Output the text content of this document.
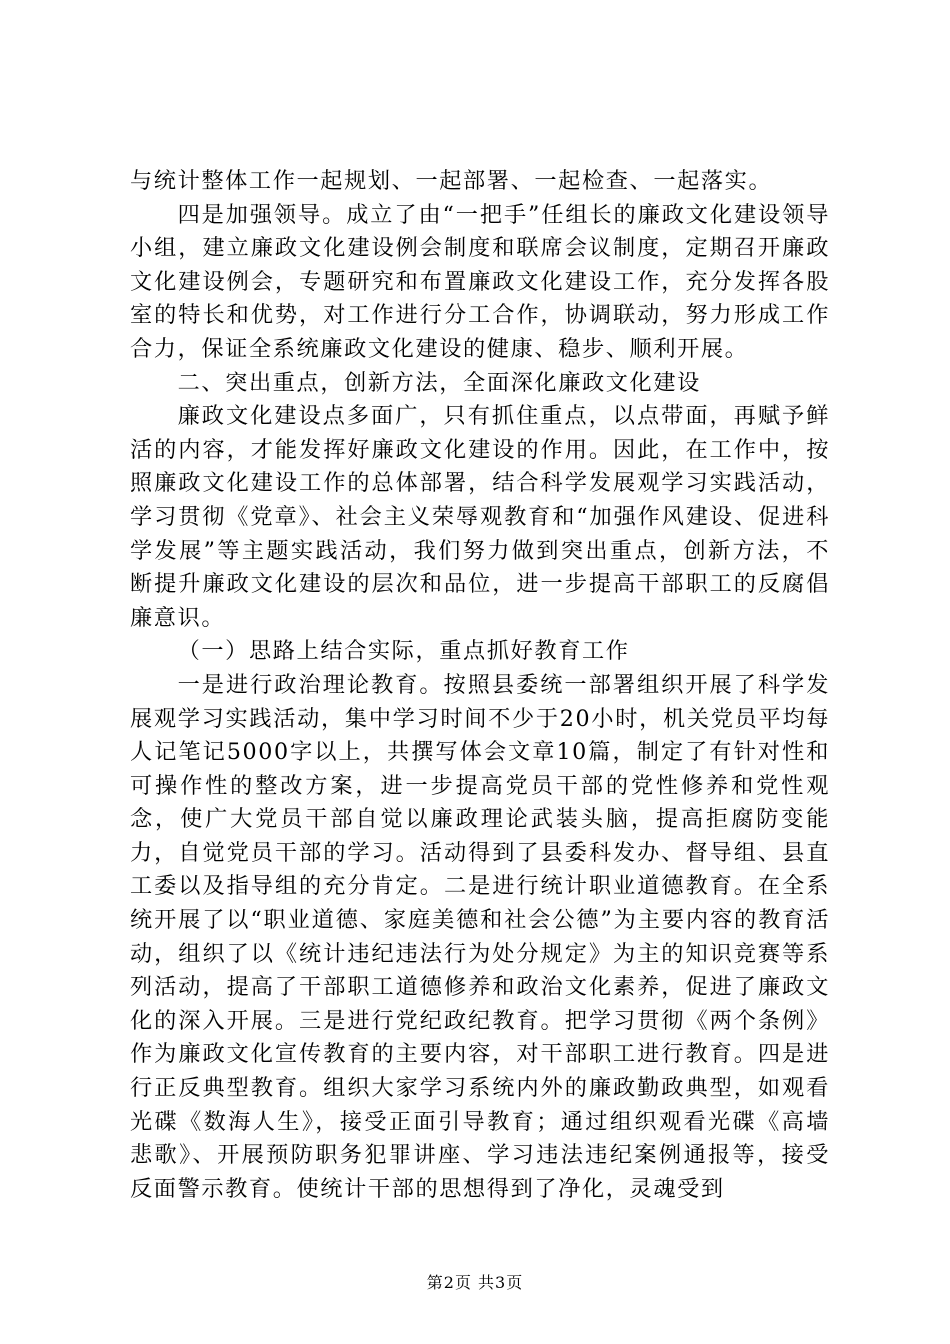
与统计整体工作一起规划、一起部署、一起检查、一起落实。

四是加强领导。成立了由“一把手”任组长的廉政文化建设领导小组，建立廉政文化建设例会制度和联席会议制度，定期召开廉政文化建设例会，专题研究和布置廉政文化建设工作，充分发挥各股室的特长和优势，对工作进行分工合作，协调联动，努力形成工作合力，保证全系统廉政文化建设的健康、稳步、顺利开展。

二、突出重点，创新方法，全面深化廉政文化建设

廉政文化建设点多面广，只有抓住重点，以点带面，再赋予鲜活的内容，才能发挥好廉政文化建设的作用。因此，在工作中，按照廉政文化建设工作的总体部署，结合科学发展观学习实践活动，学习贯彻《党章》、社会主义荣辱观教育和“加强作风建设、促进科学发展”等主题实践活动，我们努力做到突出重点，创新方法，不断提升廉政文化建设的层次和品位，进一步提高干部职工的反腐倡廉意识。

（一）思路上结合实际，重点抓好教育工作

一是进行政治理论教育。按照县委统一部署组织开展了科学发展观学习实践活动，集中学习时间不少于20小时，机关党员平均每人记笔记5000字以上，共撰写体会文章10篇，制定了有针对性和可操作性的整改方案，进一步提高党员干部的党性修养和党性观念，使广大党员干部自觉以廉政理论武装头脑，提高拒腐防变能力，自觉党员干部的学习。活动得到了县委科发办、督导组、县直工委以及指导组的充分肯定。二是进行统计职业道德教育。在全系统开展了以“职业道德、家庭美德和社会公德”为主要内容的教育活动，组织了以《统计违纪违法行为处分规定》为主的知识竞赛等系列活动，提高了干部职工道德修养和政治文化素养，促进了廉政文化的深入开展。三是进行党纪政纪教育。把学习贯彻《两个条例》作为廉政文化宣传教育的主要内容，对干部职工进行教育。四是进行正反典型教育。组织大家学习系统内外的廉政勤政典型，如观看光碟《数海人生》，接受正面引导教育；通过组织观看光碟《高墙悲歌》、开展预防职务犯罪讲座、学习违法违纪案例通报等，接受反面警示教育。使统计干部的思想得到了净化，灵魂受到

第2页 共3页
